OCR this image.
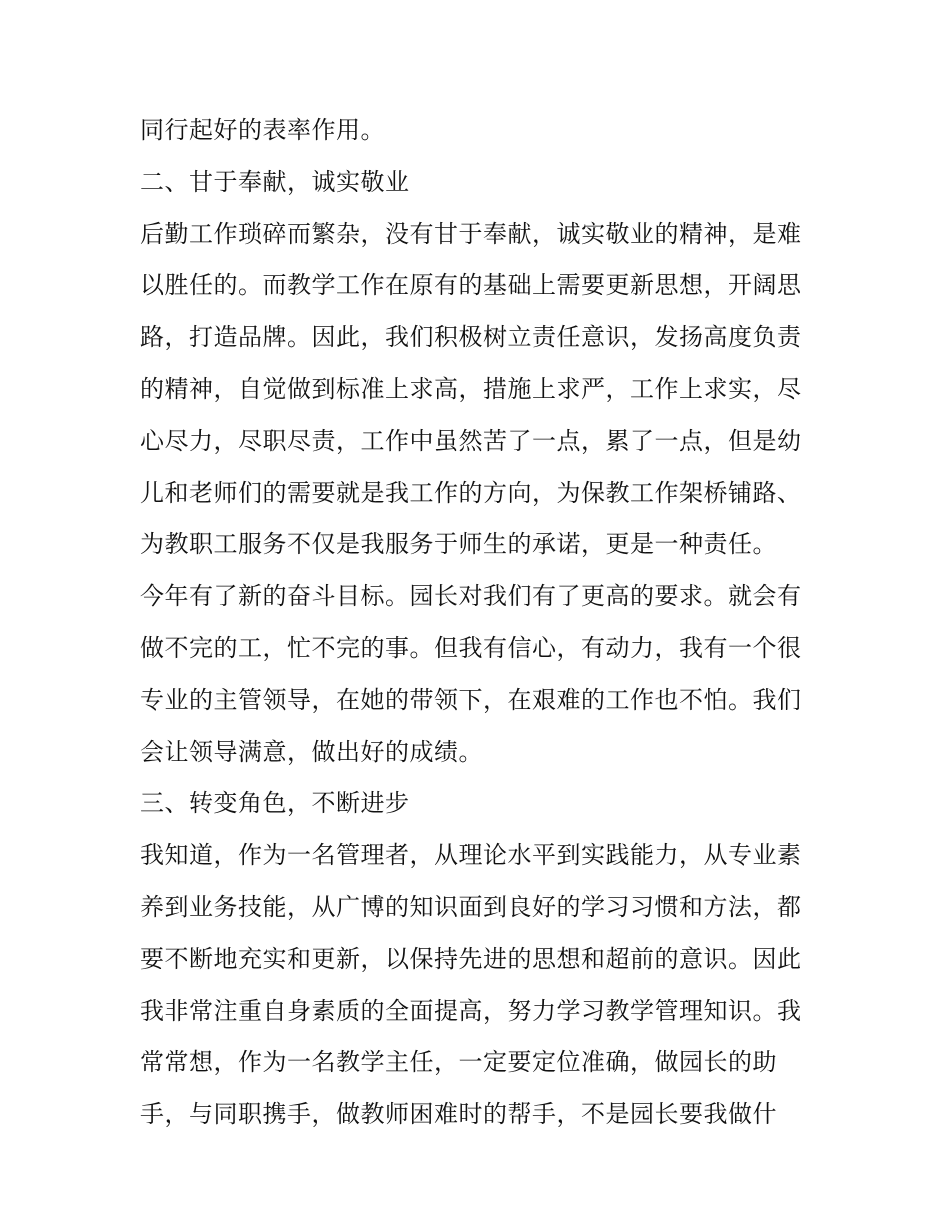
同行起好的表率作用。
二、甘于奉献，诚实敬业
后勤工作琐碎而繁杂，没有甘于奉献，诚实敬业的精神，是难
以胜任的。而教学工作在原有的基础上需要更新思想，开阔思
路，打造品牌。因此，我们积极树立责任意识，发扬高度负责
的精神，自觉做到标准上求高，措施上求严，工作上求实，尽
心尽力，尽职尽责，工作中虽然苦了一点，累了一点，但是幼
儿和老师们的需要就是我工作的方向，为保教工作架桥铺路、
为教职工服务不仅是我服务于师生的承诺，更是一种责任。
今年有了新的奋斗目标。园长对我们有了更高的要求。就会有
做不完的工，忙不完的事。但我有信心，有动力，我有一个很
专业的主管领导，在她的带领下，在艰难的工作也不怕。我们
会让领导满意，做出好的成绩。
三、转变角色，不断进步
我知道，作为一名管理者，从理论水平到实践能力，从专业素
养到业务技能，从广博的知识面到良好的学习习惯和方法，都
要不断地充实和更新，以保持先进的思想和超前的意识。因此
我非常注重自身素质的全面提高，努力学习教学管理知识。我
常常想，作为一名教学主任，一定要定位准确，做园长的助
手，与同职携手，做教师困难时的帮手，不是园长要我做什
